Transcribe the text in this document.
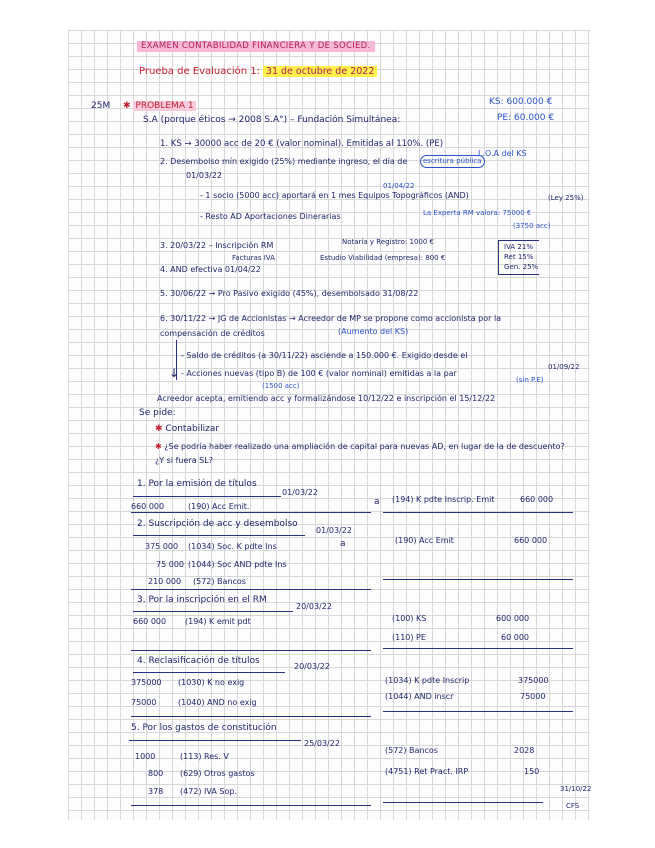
EXAMEN CONTABILIDAD FINANCIERA Y DE SOCIED.
Prueba de Evaluación 1: 31 de octubre de 2022
25M ✱ PROBLEMA 1	KS: 600.000 €
PE: 60.000 €
S.A (porque éticos → 2008 S.A°) – Fundación Simultánea:
1. KS → 30000 acc de 20 € (valor nominal). Emitidas al 110%. (PE)
L.O.A del KS
2. Desembolso mín exigido (25%) mediante ingreso, el día de	escritura pública
01/03/22
01/04/22
- 1 socio (5000 acc) aportará en 1 mes Equipos Topográficos (AND)	(Ley 25%)
- Resto AD Aportaciones Dinerarias	La Experta RM valora: 75000 €
(3750 acc)
3. 20/03/22 – Inscripción RM	Notaría y Registro: 1000 €
Facturas IVA	Estudio Viabilidad (empresa): 800 €
IVA 21%
Ret 15%
Gen. 25%
4. AND efectiva 01/04/22
5. 30/06/22 → Pro Pasivo exigido (45%), desembolsado 31/08/22
6. 30/11/22 → JG de Accionistas → Acreedor de MP se propone como accionista por la compensación de créditos	(Aumento del KS)
- Saldo de créditos (a 30/11/22) asciende a 150.000 €. Exigido desde el
01/09/22
- Acciones nuevas (tipo B) de 100 € (valor nominal) emitidas a la par
(sin P.E)
(1500 acc)
↓
Acreedor acepta, emitiendo acc y formalizándose 10/12/22 e inscripción el 15/12/22
Se pide:
✱ Contabilizar
✱ ¿Se podría haber realizado una ampliación de capital para nuevas AD, en lugar de la de descuento? ¿Y si fuera SL?
1. Por la emisión de títulos
01/03/22
660 000	(190) Acc Emit.	a (194) K pdte Inscrip. Emit	660 000
2. Suscripción de acc y desembolso
01/03/22
a
375 000 (1034) Soc. K pdte Ins
75 000 (1044) Soc AND pdte Ins
210 000 (572) Bancos
(190) Acc Emit	660 000
3. Por la inscripción en el RM
20/03/22
660 000 (194) K emit pdt	(100) KS	600 000
(110) PE	60 000
4. Reclasificación de títulos
20/03/22
375000 (1030) K no exig
75000	(1040) AND no exig
(1034) K pdte Inscrip	375000
(1044) AND inscr	75000
5. Por los gastos de constitución
25/03/22
1000	(113) Res. V
800 (629) Otros gastos
378 (472) IVA Sop.
(572) Bancos	2028
(4751) Ret Pract. IRP	150
31/10/22
CFS
